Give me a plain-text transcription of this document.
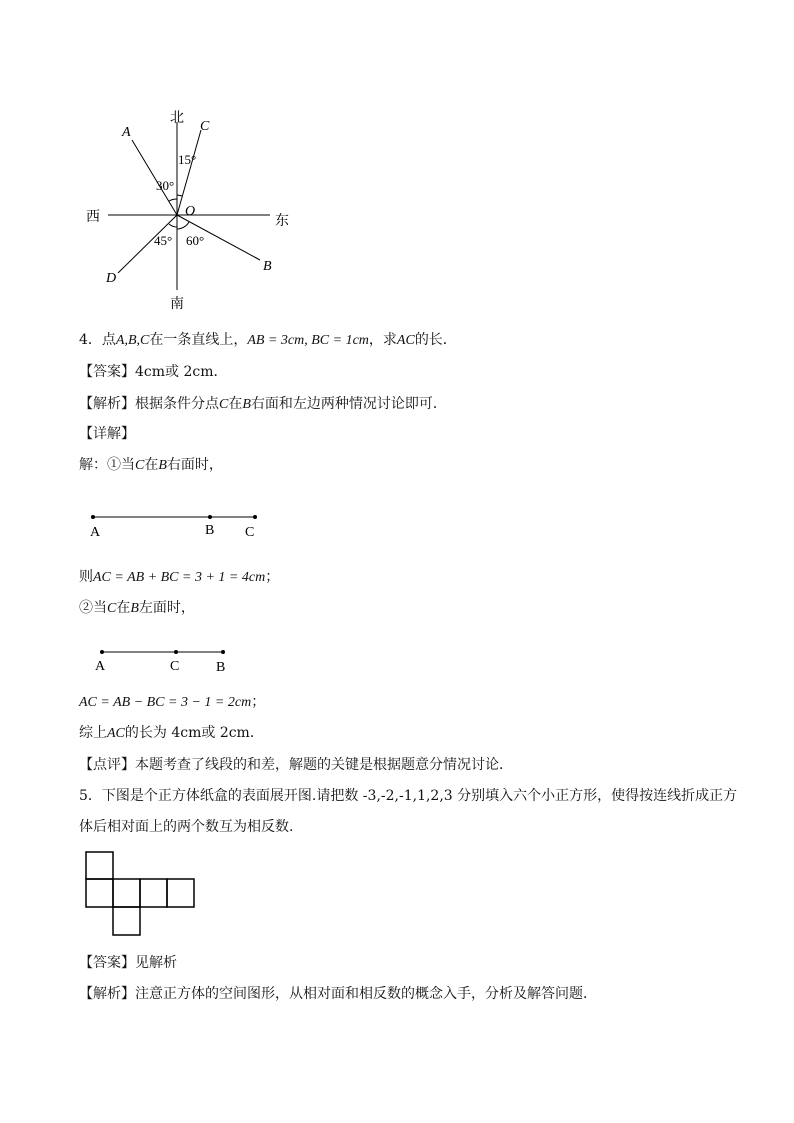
北
南
西	东
A	C
D
B
O
15°
30°
45° 60°
4．点A,B,C在一条直线上，AB = 3cm, BC = 1cm，求AC的长．
【答案】4cm或 2cm．
【解析】根据条件分点C在B右面和左边两种情况讨论即可．
【详解】
解：①当C在B右面时，
A	B C
则AC = AB + BC = 3 + 1 = 4cm；
②当C在B左面时，
A	C	B
AC = AB − BC = 3 − 1 = 2cm；
综上AC的长为 4cm或 2cm．
【点评】本题考查了线段的和差，解题的关键是根据题意分情况讨论．
5．下图是个正方体纸盒的表面展开图.请把数 -3,-2,-1,1,2,3 分别填入六个小正方形，使得按连线折成正方
体后相对面上的两个数互为相反数.
【答案】见解析
【解析】注意正方体的空间图形，从相对面和相反数的概念入手，分析及解答问题．
